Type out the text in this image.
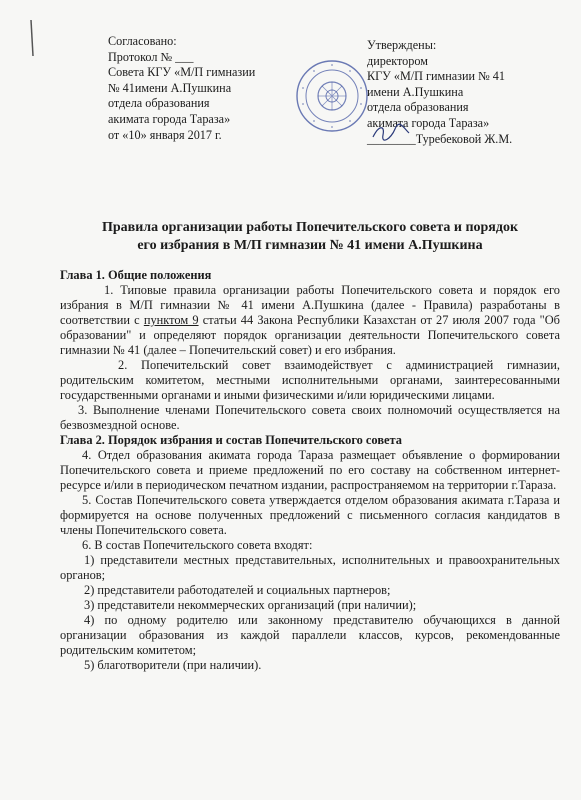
Согласовано:
Протокол № ___
Совета КГУ «М/П гимназии
№ 41имени А.Пушкина
отдела образования
акимата города Тараза»
от «10» января 2017 г.
Утверждены:
директором
КГУ «М/П гимназии № 41
имени А.Пушкина
отдела образования
акимата города Тараза»
________Туребековой Ж.М.
Правила организации работы Попечительского совета и порядок
его избрания в М/П гимназии № 41 имени А.Пушкина

Глава 1. Общие положения

1. Типовые правила организации работы Попечительского совета и порядок его избрания в М/П гимназии № 41 имени А.Пушкина (далее - Правила) разработаны в соответствии с пунктом 9 статьи 44 Закона Республики Казахстан от 27 июля 2007 года "Об образовании" и определяют порядок организации деятельности Попечительского совета гимназии № 41 (далее – Попечительский совет) и его избрания.

2. Попечительский совет взаимодействует с администрацией гимназии, родительским комитетом, местными исполнительными органами, заинтересованными государственными органами и иными физическими и/или юридическими лицами.

3. Выполнение членами Попечительского совета своих полномочий осуществляется на безвозмездной основе.

Глава 2. Порядок избрания и состав Попечительского совета

4. Отдел образования акимата города Тараза размещает объявление о формировании Попечительского совета и приеме предложений по его составу на собственном интернет-ресурсе и/или в периодическом печатном издании, распространяемом на территории г.Тараза.

5. Состав Попечительского совета утверждается отделом образования акимата г.Тараза и формируется на основе полученных предложений с письменного согласия кандидатов в члены Попечительского совета.

6. В состав Попечительского совета входят:

1) представители местных представительных, исполнительных и правоохранительных органов;

2) представители работодателей и социальных партнеров;

3) представители некоммерческих организаций (при наличии);

4) по одному родителю или законному представителю обучающихся в данной организации образования из каждой параллели классов, курсов, рекомендованные родительским комитетом;

5) благотворители (при наличии).
